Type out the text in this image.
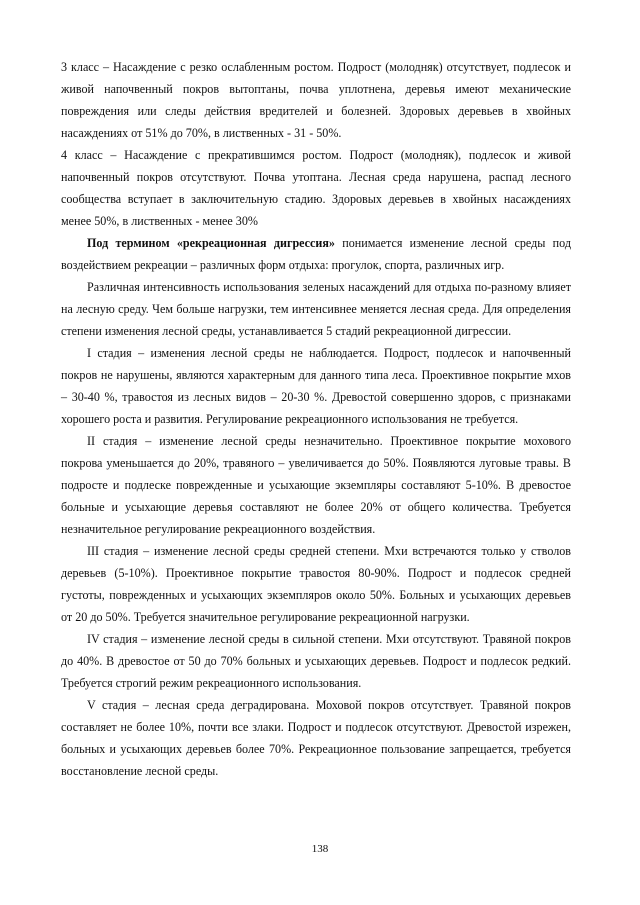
3 класс – Насаждение с резко ослабленным ростом. Подрост (молодняк) отсутствует, подлесок и живой напочвенный покров вытоптаны, почва уплотнена, деревья имеют механические повреждения или следы действия вредителей и болезней. Здоровых деревьев в хвойных насаждениях от 51% до 70%, в лиственных - 31 - 50%.

4 класс – Насаждение с прекратившимся ростом. Подрост (молодняк), подлесок и живой напочвенный покров отсутствуют. Почва утоптана. Лесная среда нарушена, распад лесного сообщества вступает в заключительную стадию. Здоровых деревьев в хвойных насаждениях менее 50%, в лиственных - менее 30%

Под термином «рекреационная дигрессия» понимается изменение лесной среды под воздействием рекреации – различных форм отдыха: прогулок, спорта, различных игр.

Различная интенсивность использования зеленых насаждений для отдыха по-разному влияет на лесную среду. Чем больше нагрузки, тем интенсивнее меняется лесная среда. Для определения степени изменения лесной среды, устанавливается 5 стадий рекреационной дигрессии.

I стадия – изменения лесной среды не наблюдается. Подрост, подлесок и напочвенный покров не нарушены, являются характерным для данного типа леса. Проективное покрытие мхов – 30-40 %, травостоя из лесных видов – 20-30 %. Древостой совершенно здоров, с признаками хорошего роста и развития. Регулирование рекреационного использования не требуется.

II стадия – изменение лесной среды незначительно. Проективное покрытие мохового покрова уменьшается до 20%, травяного – увеличивается до 50%. Появляются луговые травы. В подросте и подлеске поврежденные и усыхающие экземпляры составляют 5-10%. В древостое больные и усыхающие деревья составляют не более 20% от общего количества. Требуется незначительное регулирование рекреационного воздействия.

III стадия – изменение лесной среды средней степени. Мхи встречаются только у стволов деревьев (5-10%). Проективное покрытие травостоя 80-90%. Подрост и подлесок средней густоты, поврежденных и усыхающих экземпляров около 50%. Больных и усыхающих деревьев от 20 до 50%. Требуется значительное регулирование рекреационной нагрузки.

IV стадия – изменение лесной среды в сильной степени. Мхи отсутствуют. Травяной покров до 40%. В древостое от 50 до 70% больных и усыхающих деревьев. Подрост и подлесок редкий. Требуется строгий режим рекреационного использования.

V стадия – лесная среда деградирована. Моховой покров отсутствует. Травяной покров составляет не более 10%, почти все злаки. Подрост и подлесок отсутствуют. Древостой изрежен, больных и усыхающих деревьев более 70%. Рекреационное пользование запрещается, требуется восстановление лесной среды.

138
